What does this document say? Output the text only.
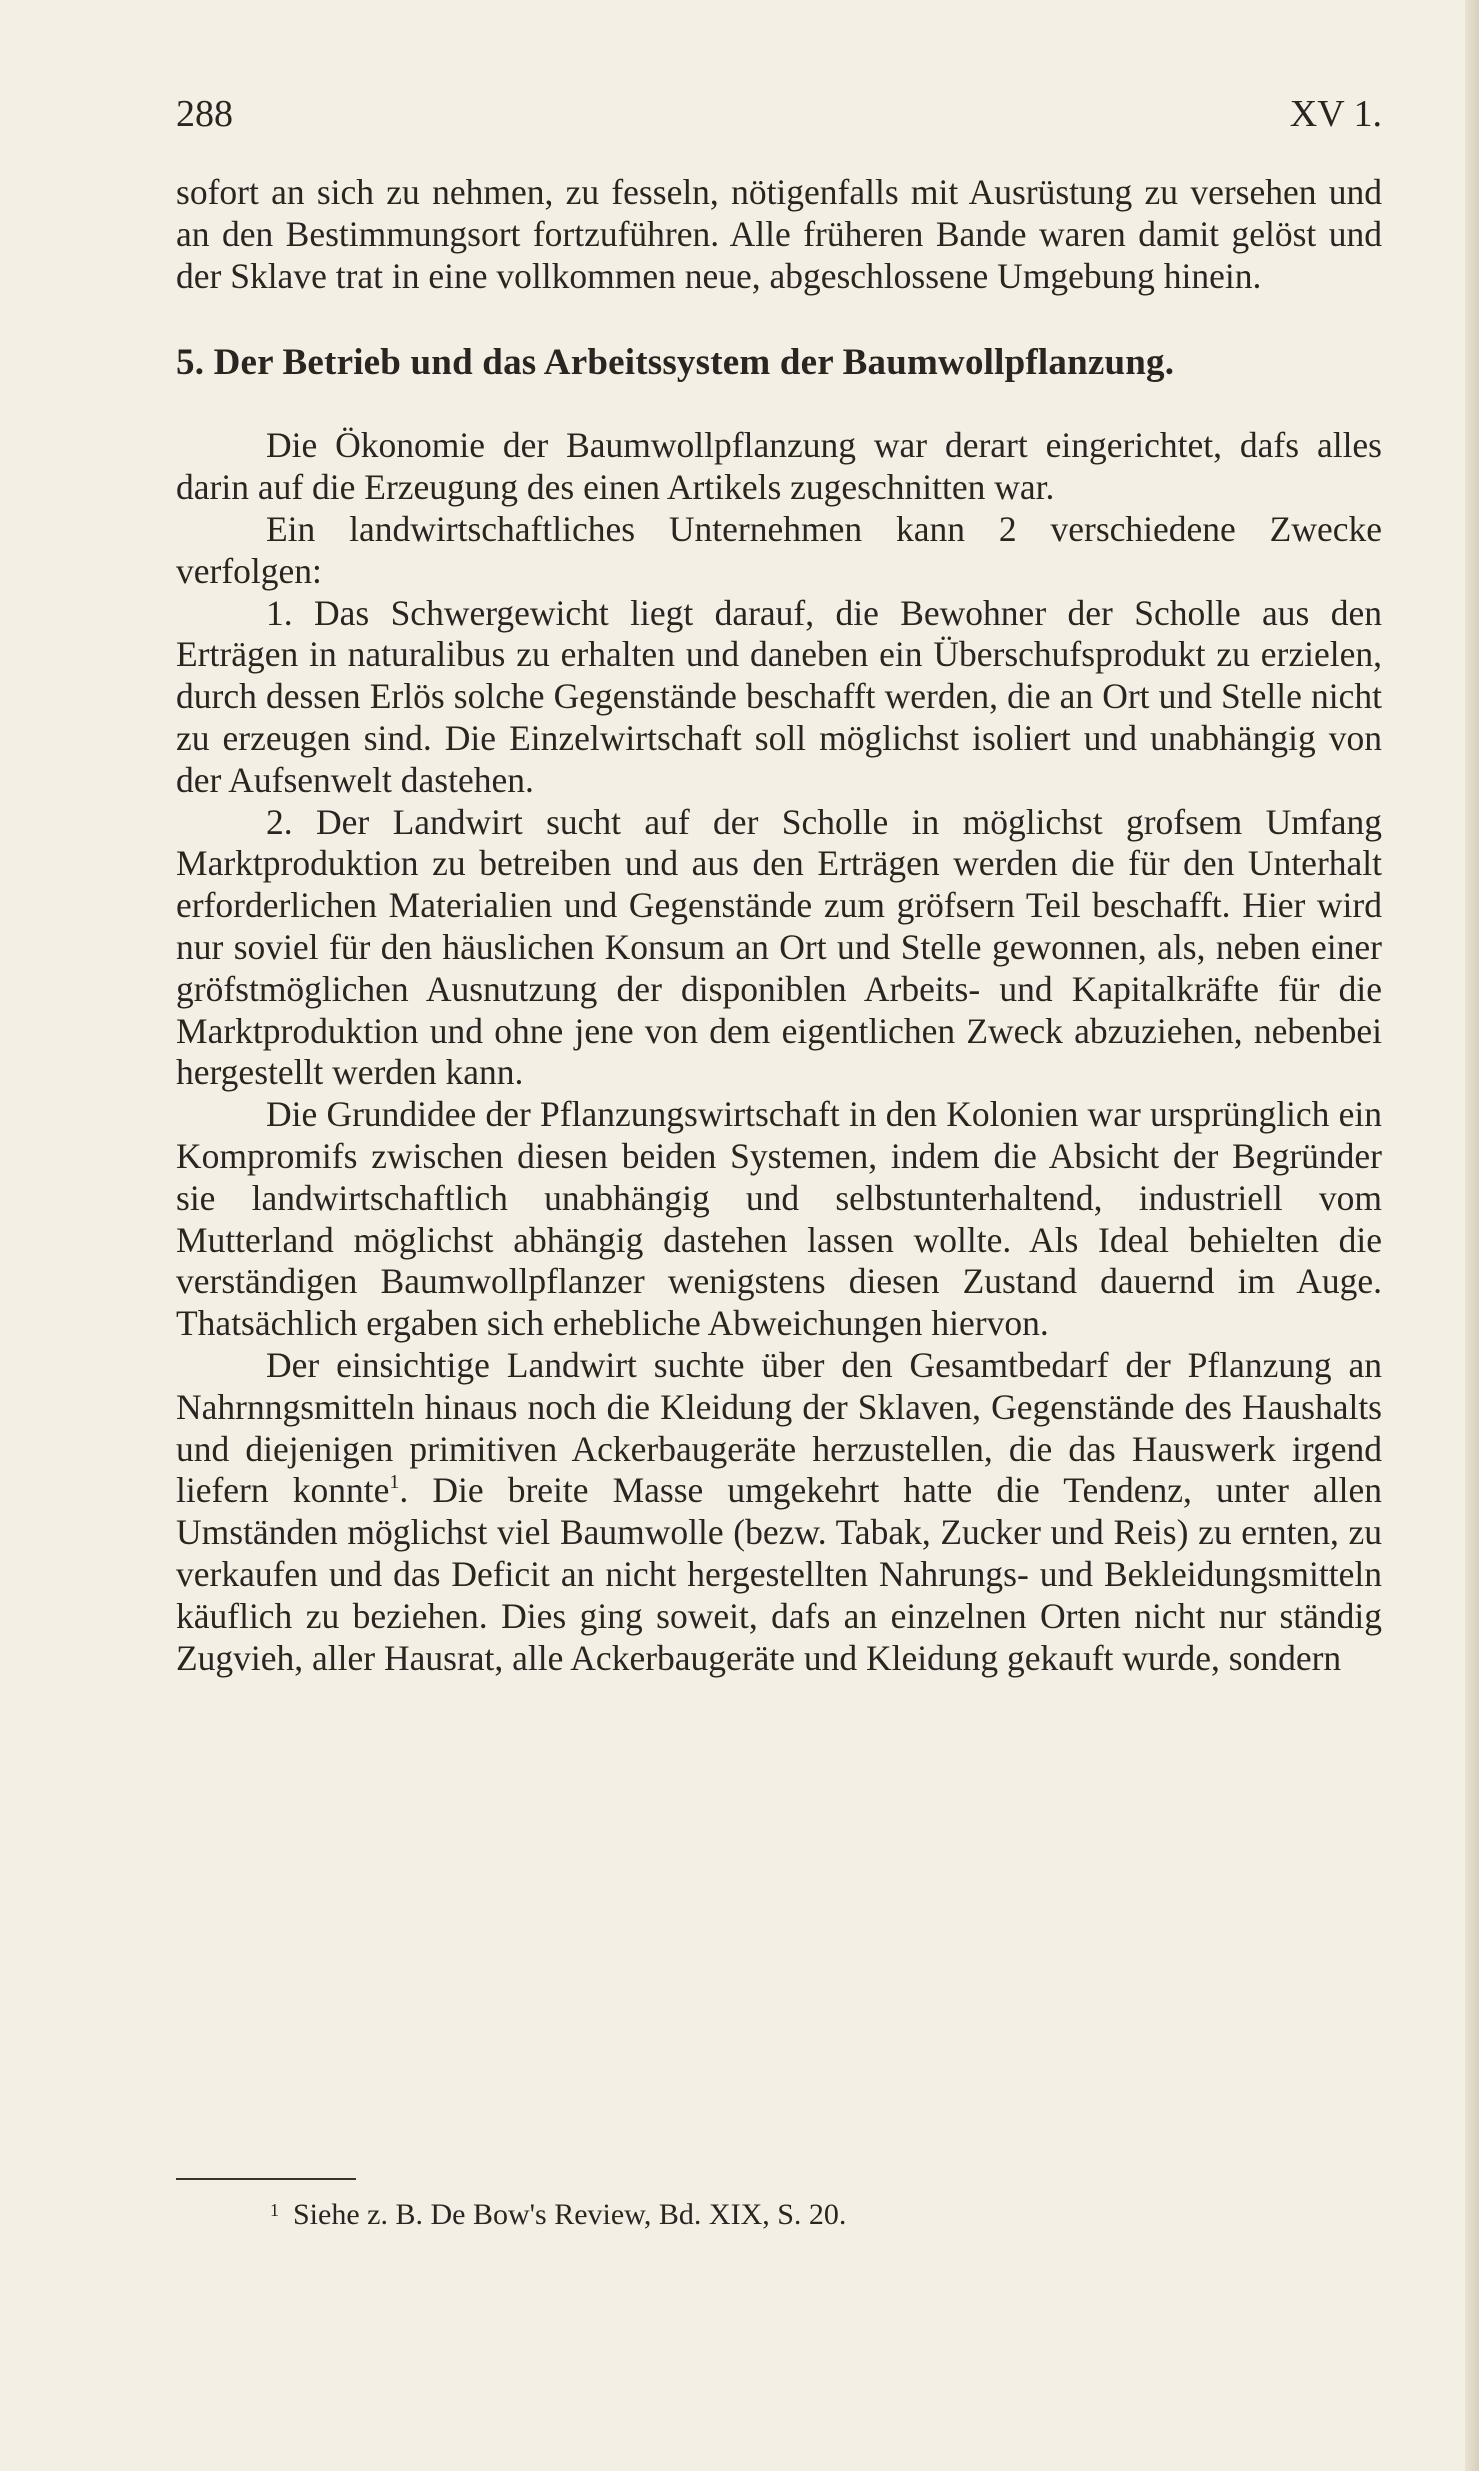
288	XV 1.

sofort an sich zu nehmen, zu fesseln, nötigenfalls mit Ausrüstung zu versehen und an den Bestimmungsort fortzuführen. Alle früheren Bande waren damit gelöst und der Sklave trat in eine vollkommen neue, abgeschlossene Umgebung hinein.

5. Der Betrieb und das Arbeitssystem der Baumwollpflanzung.

Die Ökonomie der Baumwollpflanzung war derart eingerichtet, dafs alles darin auf die Erzeugung des einen Artikels zugeschnitten war.

Ein landwirtschaftliches Unternehmen kann 2 verschiedene Zwecke verfolgen:

1. Das Schwergewicht liegt darauf, die Bewohner der Scholle aus den Erträgen in naturalibus zu erhalten und daneben ein Überschufsprodukt zu erzielen, durch dessen Erlös solche Gegenstände beschafft werden, die an Ort und Stelle nicht zu erzeugen sind. Die Einzelwirtschaft soll möglichst isoliert und unabhängig von der Aufsenwelt dastehen.

2. Der Landwirt sucht auf der Scholle in möglichst grofsem Umfang Marktproduktion zu betreiben und aus den Erträgen werden die für den Unterhalt erforderlichen Materialien und Gegenstände zum gröfsern Teil beschafft. Hier wird nur soviel für den häuslichen Konsum an Ort und Stelle gewonnen, als, neben einer gröfstmöglichen Ausnutzung der disponiblen Arbeits- und Kapitalkräfte für die Marktproduktion und ohne jene von dem eigentlichen Zweck abzuziehen, nebenbei hergestellt werden kann.

Die Grundidee der Pflanzungswirtschaft in den Kolonien war ursprünglich ein Kompromifs zwischen diesen beiden Systemen, indem die Absicht der Begründer sie landwirtschaftlich unabhängig und selbstunterhaltend, industriell vom Mutterland möglichst abhängig dastehen lassen wollte. Als Ideal behielten die verständigen Baumwollpflanzer wenigstens diesen Zustand dauernd im Auge. Thatsächlich ergaben sich erhebliche Abweichungen hiervon.

Der einsichtige Landwirt suchte über den Gesamtbedarf der Pflanzung an Nahrnngsmitteln hinaus noch die Kleidung der Sklaven, Gegenstände des Haushalts und diejenigen primitiven Ackerbaugeräte herzustellen, die das Hauswerk irgend liefern konnte$^1$. Die breite Masse umgekehrt hatte die Tendenz, unter allen Umständen möglichst viel Baumwolle (bezw. Tabak, Zucker und Reis) zu ernten, zu verkaufen und das Deficit an nicht hergestellten Nahrungs- und Bekleidungsmitteln käuflich zu beziehen. Dies ging soweit, dafs an einzelnen Orten nicht nur ständig Zugvieh, aller Hausrat, alle Ackerbaugeräte und Kleidung gekauft wurde, sondern

$^1$ Siehe z. B. De Bow's Review, Bd. XIX, S. 20.
